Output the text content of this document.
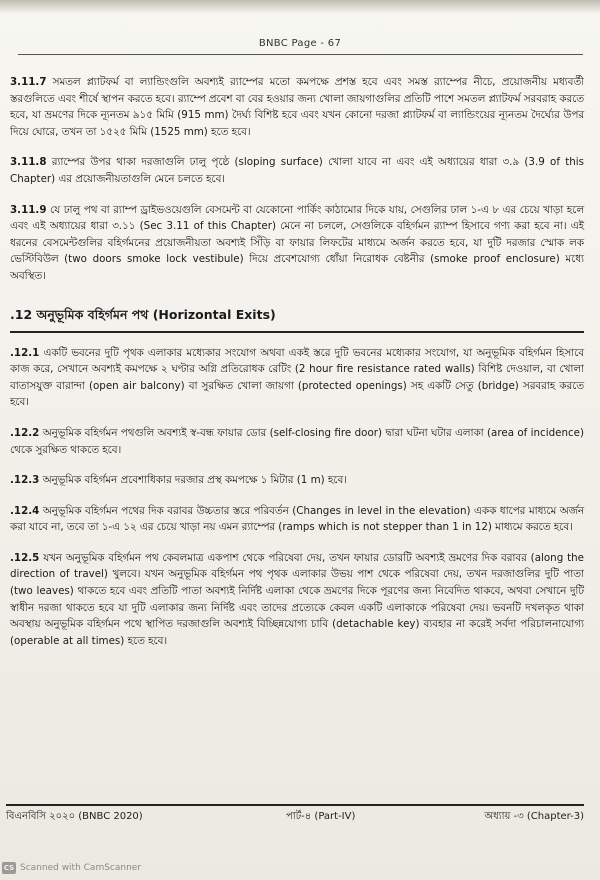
BNBC Page - 67

3.11.7 সমতল প্ল্যাটফর্ম বা ল্যান্ডিংগুলি অবশ্যই র‍্যাম্পের মতো কমপক্ষে প্রশস্ত হবে এবং সমস্ত র‍্যাম্পের নীচে, প্রয়োজনীয় মধ্যবর্তী স্তরগুলিতে এবং শীর্ষে স্থাপন করতে হবে। র‍্যাম্পে প্রবেশ বা বের হওয়ার জন্য খোলা জায়গাগুলির প্রতিটি পাশে সমতল প্ল্যাটফর্ম সরবরাহ করতে হবে, যা ভ্রমণের দিকে ন্যূনতম ৯১৫ মিমি (915 mm) দৈর্ঘ্য বিশিষ্ট হবে এবং যখন কোনো দরজা প্ল্যাটফর্ম বা ল্যান্ডিংয়ের ন্যূনতম দৈর্ঘ্যের উপর দিয়ে ঘোরে, তখন তা ১৫২৫ মিমি (1525 mm) হতে হবে।

3.11.8 র‍্যাম্পের উপর থাকা দরজাগুলি ঢালু পৃষ্ঠে (sloping surface) খোলা যাবে না এবং এই অধ্যায়ের ধারা ৩.৯ (3.9 of this Chapter) এর প্রয়োজনীয়তাগুলি মেনে চলতে হবে।

3.11.9 যে ঢালু পথ বা র‍্যাম্প ড্রাইভওয়েগুলি বেসমেন্ট বা যেকোনো পার্কিং কাঠামোর দিকে যায়, সেগুলির ঢাল ১-এ ৮ এর চেয়ে খাড়া হলে এবং এই অধ্যায়ের ধারা ৩.১১ (Sec 3.11 of this Chapter) মেনে না চললে, সেগুলিকে বহির্গমন র‍্যাম্প হিসাবে গণ্য করা হবে না। এই ধরনের বেসমেন্টগুলির বহির্গমনের প্রয়োজনীয়তা অবশ্যই সিঁড়ি বা ফায়ার লিফটের মাধ্যমে অর্জন করতে হবে, যা দুটি দরজার স্মোক লক ভেস্টিবিউল (two doors smoke lock vestibule) দিয়ে প্রবেশযোগ্য ধোঁয়া নিরোধক বেষ্টনীর (smoke proof enclosure) মধ্যে অবস্থিত।

.12 অনুভূমিক বহির্গমন পথ (Horizontal Exits)

.12.1 একটি ভবনের দুটি পৃথক এলাকার মধ্যেকার সংযোগ অথবা একই স্তরে দুটি ভবনের মধ্যেকার সংযোগ, যা অনুভূমিক বহির্গমন হিসাবে কাজ করে, সেখানে অবশ্যই কমপক্ষে ২ ঘণ্টার অগ্নি প্রতিরোধক রেটিং (2 hour fire resistance rated walls) বিশিষ্ট দেওয়াল, বা খোলা বাতাসযুক্ত বারান্দা (open air balcony) বা সুরক্ষিত খোলা জায়গা (protected openings) সহ একটি সেতু (bridge) সরবরাহ করতে হবে।

.12.2 অনুভূমিক বহির্গমন পথগুলি অবশ্যই স্ব-বন্ধ ফায়ার ডোর (self-closing fire door) দ্বারা ঘটনা ঘটার এলাকা (area of incidence) থেকে সুরক্ষিত থাকতে হবে।

.12.3 অনুভূমিক বহির্গমন প্রবেশাধিকার দরজার প্রস্থ কমপক্ষে ১ মিটার (1 m) হবে।

.12.4 অনুভূমিক বহির্গমন পথের দিক বরাবর উচ্চতার স্তরে পরিবর্তন (Changes in level in the elevation) একক ধাপের মাধ্যমে অর্জন করা যাবে না, তবে তা ১-এ ১২ এর চেয়ে খাড়া নয় এমন র‍্যাম্পের (ramps which is not stepper than 1 in 12) মাধ্যমে করতে হবে।

.12.5 যখন অনুভূমিক বহির্গমন পথ কেবলমাত্র একপাশ থেকে পরিষেবা দেয়, তখন ফায়ার ডোরটি অবশ্যই ভ্রমণের দিক বরাবর (along the direction of travel) খুলবে। যখন অনুভূমিক বহির্গমন পথ পৃথক এলাকার উভয় পাশ থেকে পরিষেবা দেয়, তখন দরজাগুলির দুটি পাতা (two leaves) থাকতে হবে এবং প্রতিটি পাতা অবশ্যই নির্দিষ্ট এলাকা থেকে ভ্রমণের দিকে পূরণের জন্য নিবেদিত থাকবে, অথবা সেখানে দুটি স্বাধীন দরজা থাকতে হবে যা দুটি এলাকার জন্য নির্দিষ্ট এবং তাদের প্রত্যেকে কেবল একটি এলাকাকে পরিষেবা দেয়। ভবনটি দখলকৃত থাকা অবস্থায় অনুভূমিক বহির্গমন পথে স্থাপিত দরজাগুলি অবশ্যই বিচ্ছিন্নযোগ্য চাবি (detachable key) ব্যবহার না করেই সর্বদা পরিচালনাযোগ্য (operable at all times) হতে হবে।

বিএনবিসি ২০২০ (BNBC 2020)	পার্ট-৪ (Part-IV)	অধ্যায় -৩ (Chapter-3)
CS Scanned with CamScanner
